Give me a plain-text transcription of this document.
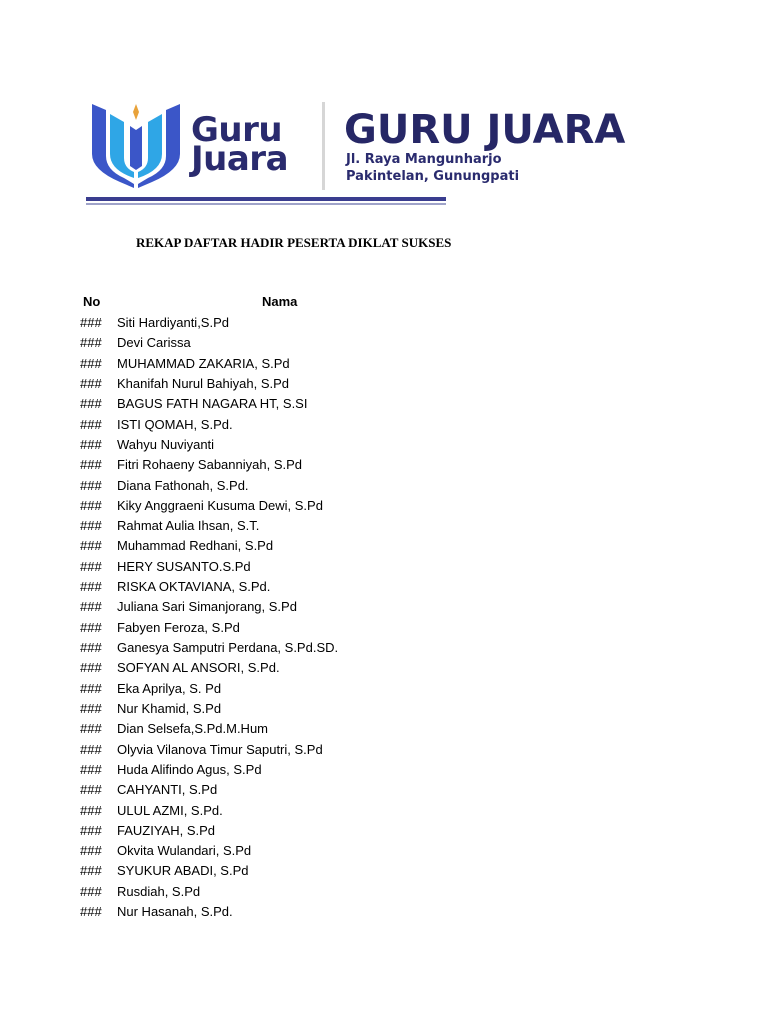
Guru
Juara
GURU JUARA
Jl. Raya Mangunharjo
Pakintelan, Gunungpati
REKAP DAFTAR HADIR PESERTA DIKLAT SUKSES
No	Nama
### Siti Hardiyanti,S.Pd
### Devi Carissa
### MUHAMMAD ZAKARIA, S.Pd
### Khanifah Nurul Bahiyah, S.Pd
### BAGUS FATH NAGARA HT, S.SI
### ISTI QOMAH, S.Pd.
### Wahyu Nuviyanti
### Fitri Rohaeny Sabanniyah, S.Pd
### Diana Fathonah, S.Pd.
### Kiky Anggraeni Kusuma Dewi, S.Pd
### Rahmat Aulia Ihsan, S.T.
### Muhammad Redhani, S.Pd
### HERY SUSANTO.S.Pd
### RISKA OKTAVIANA, S.Pd.
### Juliana Sari Simanjorang, S.Pd
### Fabyen Feroza, S.Pd
### Ganesya Samputri Perdana, S.Pd.SD.
### SOFYAN AL ANSORI, S.Pd.
### Eka Aprilya, S. Pd
### Nur Khamid, S.Pd
### Dian Selsefa,S.Pd.M.Hum
### Olyvia Vilanova Timur Saputri, S.Pd
### Huda Alifindo Agus, S.Pd
### CAHYANTI, S.Pd
### ULUL AZMI, S.Pd.
### FAUZIYAH, S.Pd
### Okvita Wulandari, S.Pd
### SYUKUR ABADI, S.Pd
### Rusdiah, S.Pd
### Nur Hasanah, S.Pd.
